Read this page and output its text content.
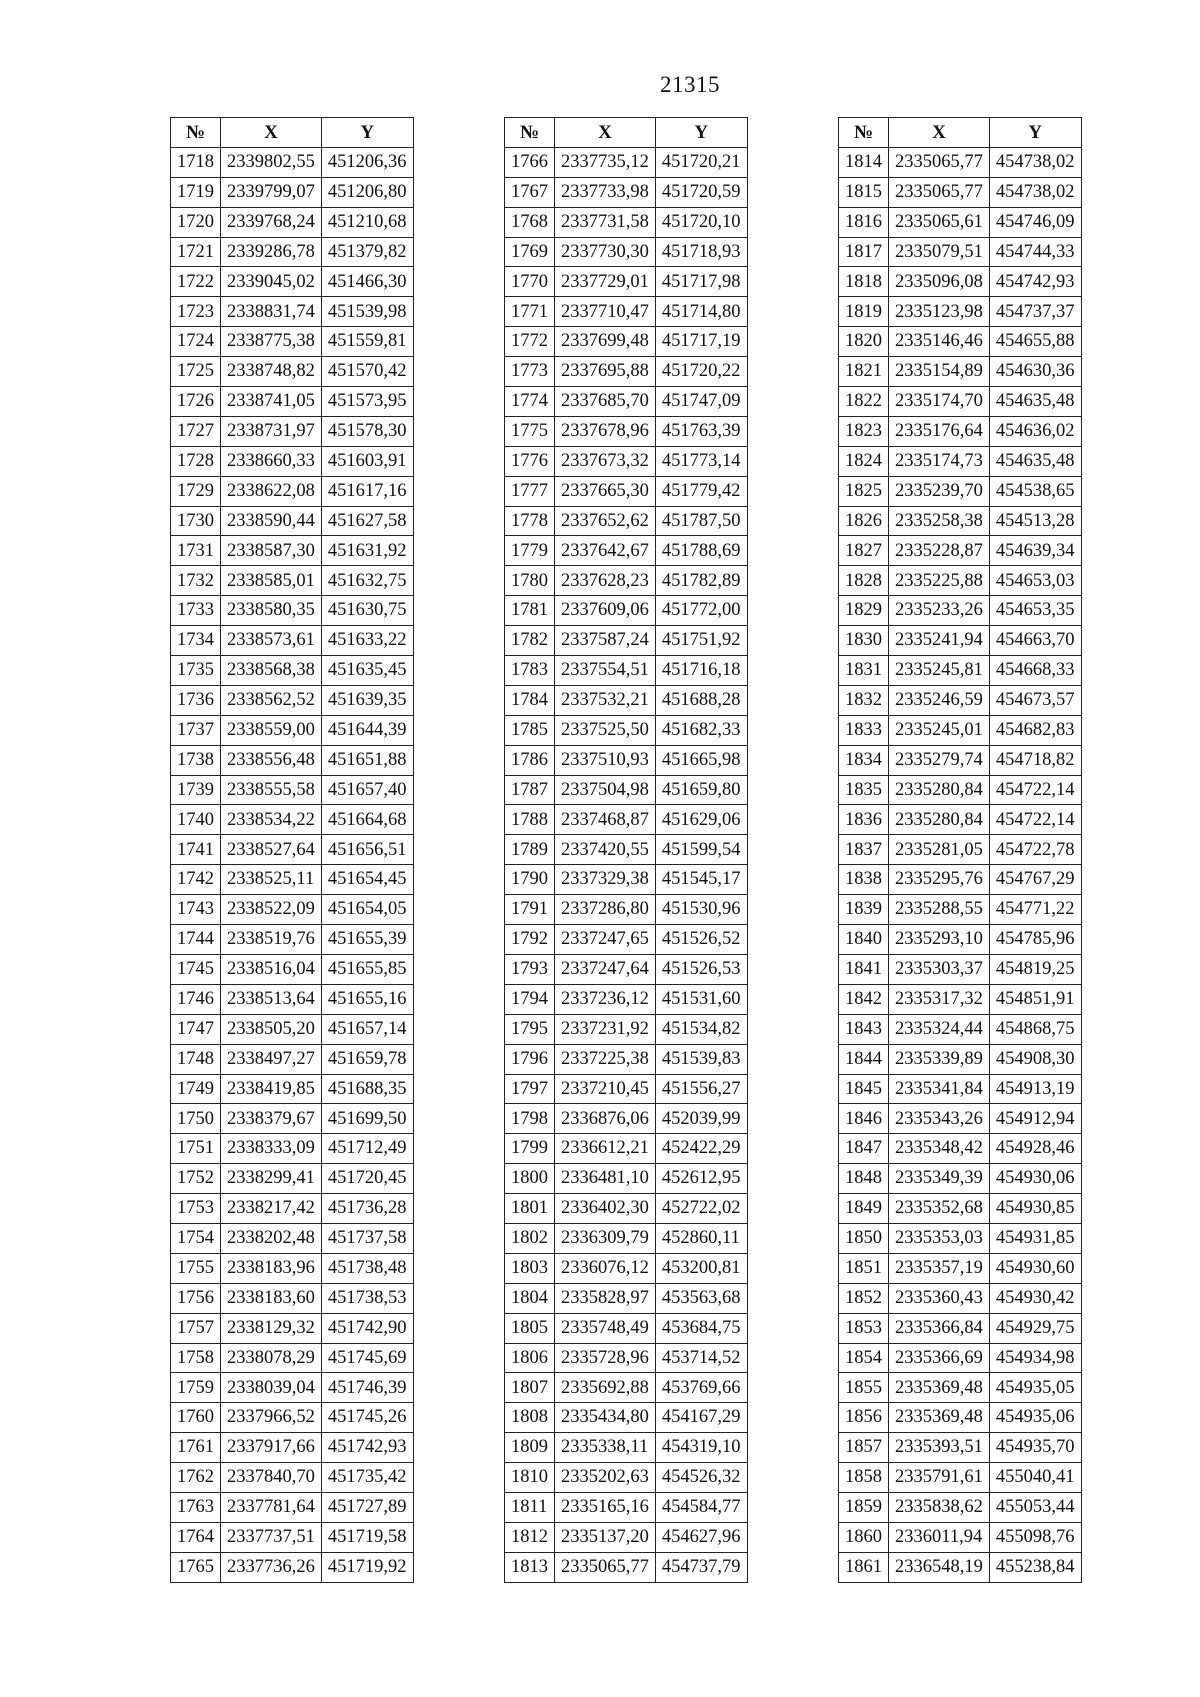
21315
№	X	Y
1718	2339802,55	451206,36
1719	2339799,07	451206,80
1720	2339768,24	451210,68
1721	2339286,78	451379,82
1722	2339045,02	451466,30
1723	2338831,74	451539,98
1724	2338775,38	451559,81
1725	2338748,82	451570,42
1726	2338741,05	451573,95
1727	2338731,97	451578,30
1728	2338660,33	451603,91
1729	2338622,08	451617,16
1730	2338590,44	451627,58
1731	2338587,30	451631,92
1732	2338585,01	451632,75
1733	2338580,35	451630,75
1734	2338573,61	451633,22
1735	2338568,38	451635,45
1736	2338562,52	451639,35
1737	2338559,00	451644,39
1738	2338556,48	451651,88
1739	2338555,58	451657,40
1740	2338534,22	451664,68
1741	2338527,64	451656,51
1742	2338525,11	451654,45
1743	2338522,09	451654,05
1744	2338519,76	451655,39
1745	2338516,04	451655,85
1746	2338513,64	451655,16
1747	2338505,20	451657,14
1748	2338497,27	451659,78
1749	2338419,85	451688,35
1750	2338379,67	451699,50
1751	2338333,09	451712,49
1752	2338299,41	451720,45
1753	2338217,42	451736,28
1754	2338202,48	451737,58
1755	2338183,96	451738,48
1756	2338183,60	451738,53
1757	2338129,32	451742,90
1758	2338078,29	451745,69
1759	2338039,04	451746,39
1760	2337966,52	451745,26
1761	2337917,66	451742,93
1762	2337840,70	451735,42
1763	2337781,64	451727,89
1764	2337737,51	451719,58
1765	2337736,26	451719,92
№	X	Y
1766	2337735,12	451720,21
1767	2337733,98	451720,59
1768	2337731,58	451720,10
1769	2337730,30	451718,93
1770	2337729,01	451717,98
1771	2337710,47	451714,80
1772	2337699,48	451717,19
1773	2337695,88	451720,22
1774	2337685,70	451747,09
1775	2337678,96	451763,39
1776	2337673,32	451773,14
1777	2337665,30	451779,42
1778	2337652,62	451787,50
1779	2337642,67	451788,69
1780	2337628,23	451782,89
1781	2337609,06	451772,00
1782	2337587,24	451751,92
1783	2337554,51	451716,18
1784	2337532,21	451688,28
1785	2337525,50	451682,33
1786	2337510,93	451665,98
1787	2337504,98	451659,80
1788	2337468,87	451629,06
1789	2337420,55	451599,54
1790	2337329,38	451545,17
1791	2337286,80	451530,96
1792	2337247,65	451526,52
1793	2337247,64	451526,53
1794	2337236,12	451531,60
1795	2337231,92	451534,82
1796	2337225,38	451539,83
1797	2337210,45	451556,27
1798	2336876,06	452039,99
1799	2336612,21	452422,29
1800	2336481,10	452612,95
1801	2336402,30	452722,02
1802	2336309,79	452860,11
1803	2336076,12	453200,81
1804	2335828,97	453563,68
1805	2335748,49	453684,75
1806	2335728,96	453714,52
1807	2335692,88	453769,66
1808	2335434,80	454167,29
1809	2335338,11	454319,10
1810	2335202,63	454526,32
1811	2335165,16	454584,77
1812	2335137,20	454627,96
1813	2335065,77	454737,79
№	X	Y
1814	2335065,77	454738,02
1815	2335065,77	454738,02
1816	2335065,61	454746,09
1817	2335079,51	454744,33
1818	2335096,08	454742,93
1819	2335123,98	454737,37
1820	2335146,46	454655,88
1821	2335154,89	454630,36
1822	2335174,70	454635,48
1823	2335176,64	454636,02
1824	2335174,73	454635,48
1825	2335239,70	454538,65
1826	2335258,38	454513,28
1827	2335228,87	454639,34
1828	2335225,88	454653,03
1829	2335233,26	454653,35
1830	2335241,94	454663,70
1831	2335245,81	454668,33
1832	2335246,59	454673,57
1833	2335245,01	454682,83
1834	2335279,74	454718,82
1835	2335280,84	454722,14
1836	2335280,84	454722,14
1837	2335281,05	454722,78
1838	2335295,76	454767,29
1839	2335288,55	454771,22
1840	2335293,10	454785,96
1841	2335303,37	454819,25
1842	2335317,32	454851,91
1843	2335324,44	454868,75
1844	2335339,89	454908,30
1845	2335341,84	454913,19
1846	2335343,26	454912,94
1847	2335348,42	454928,46
1848	2335349,39	454930,06
1849	2335352,68	454930,85
1850	2335353,03	454931,85
1851	2335357,19	454930,60
1852	2335360,43	454930,42
1853	2335366,84	454929,75
1854	2335366,69	454934,98
1855	2335369,48	454935,05
1856	2335369,48	454935,06
1857	2335393,51	454935,70
1858	2335791,61	455040,41
1859	2335838,62	455053,44
1860	2336011,94	455098,76
1861	2336548,19	455238,84
